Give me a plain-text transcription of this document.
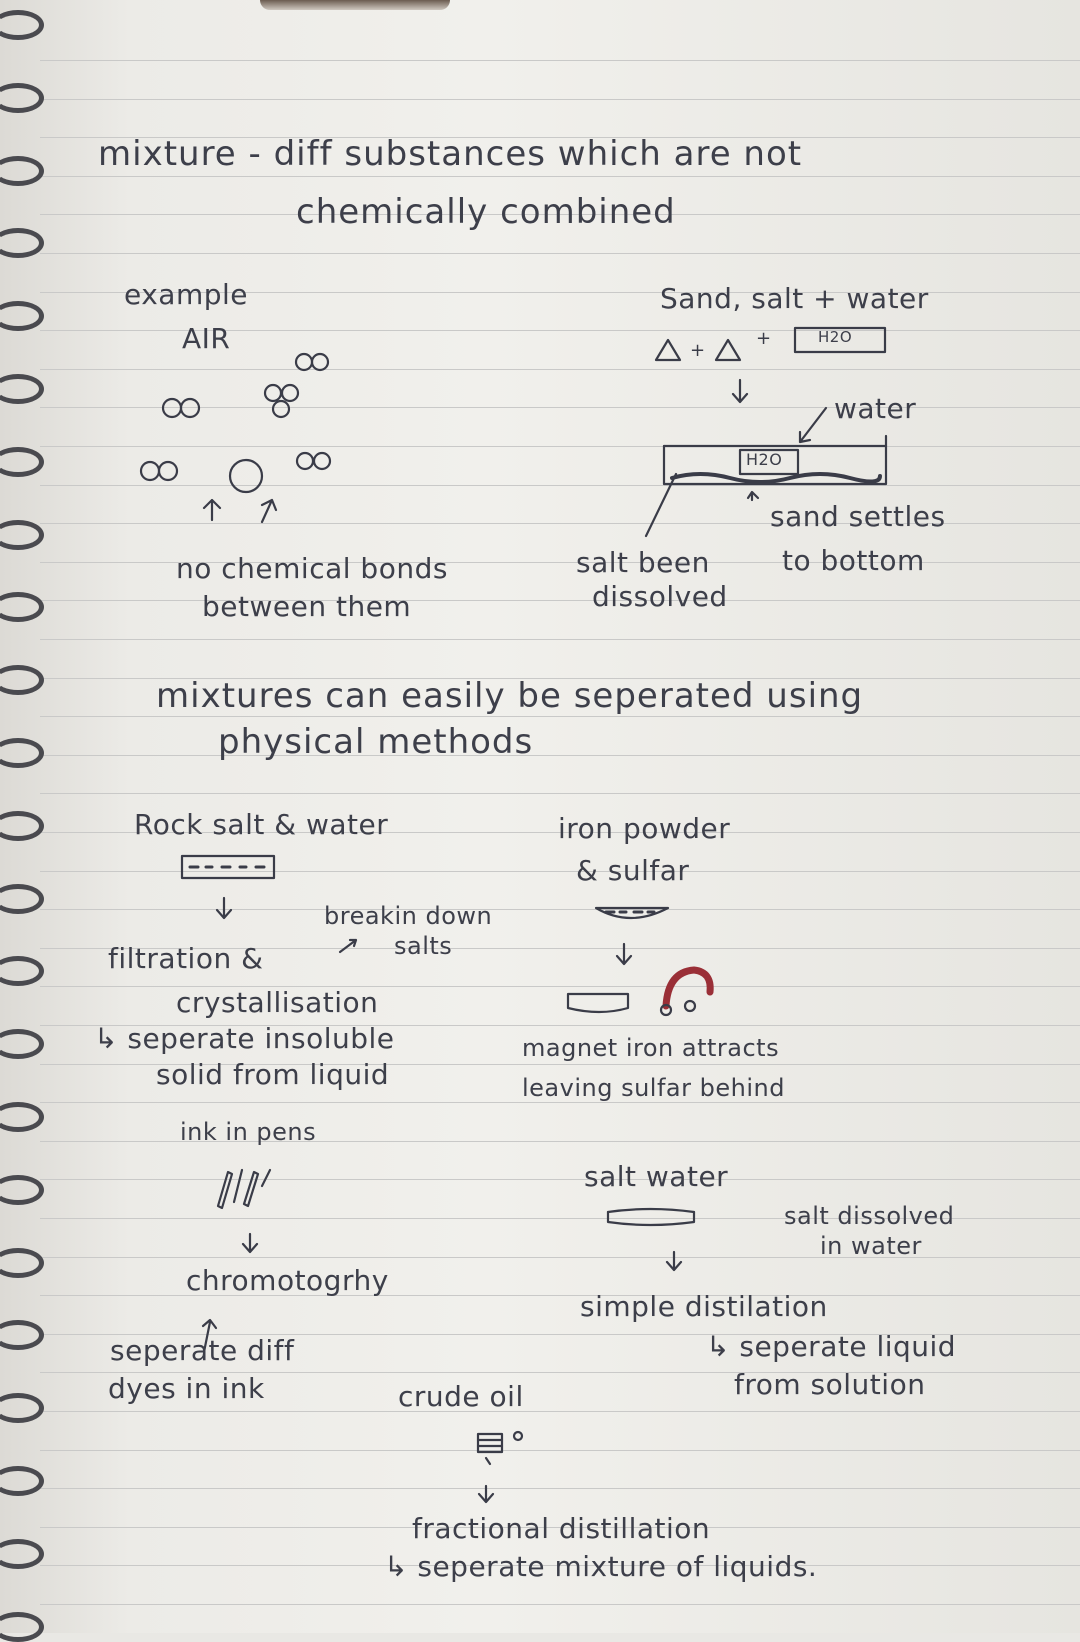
+
+
mixture - diff substances which are not
chemically combined
example
AIR
no chemical bonds
between them
Sand, salt + water
H2O
water
H2O
sand settles
to bottom
salt been
dissolved
mixtures can easily be seperated using
physical methods
Rock salt & water
breakin down
salts
filtration &
crystallisation
↳ seperate insoluble
solid from liquid
iron powder
& sulfar
magnet iron attracts
leaving sulfar behind
ink in pens
chromotogrhy
seperate diff
dyes in ink
salt water
salt dissolved
in water
simple distilation
↳ seperate liquid
from solution
crude oil
fractional distillation
↳ seperate mixture of liquids.
